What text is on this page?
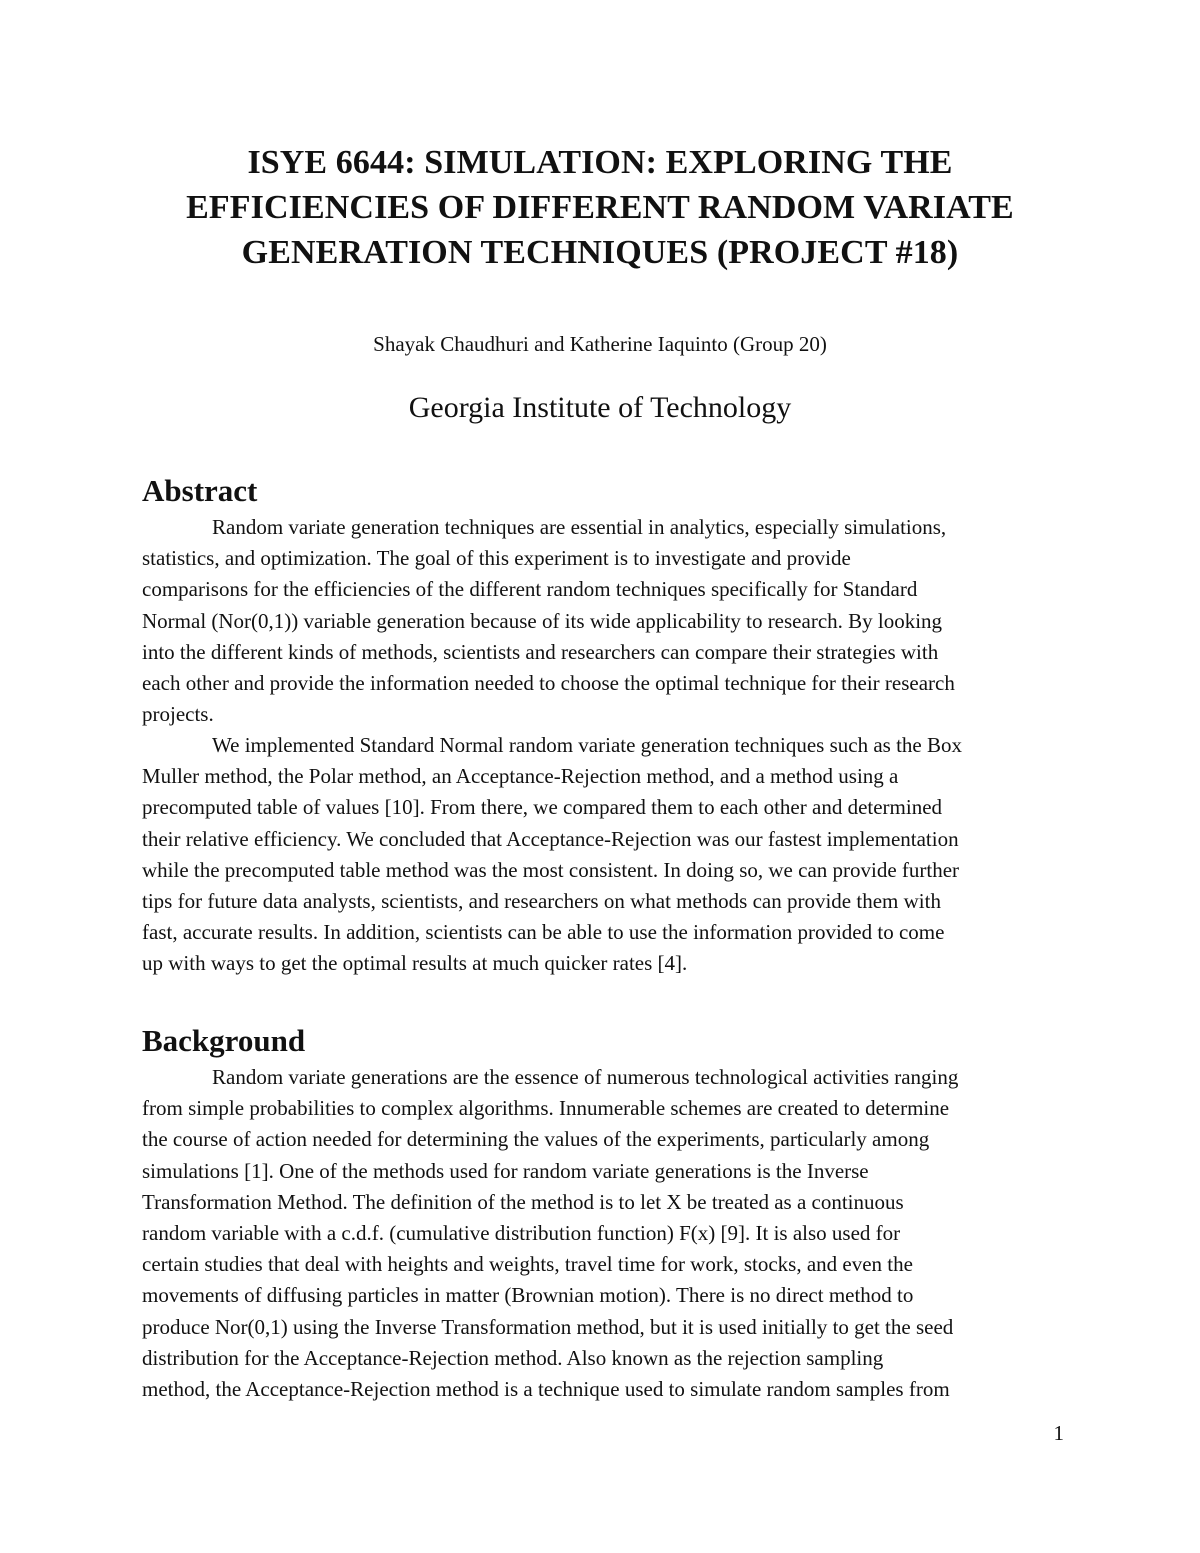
ISYE 6644: SIMULATION: EXPLORING THE
EFFICIENCIES OF DIFFERENT RANDOM VARIATE
GENERATION TECHNIQUES (PROJECT #18)
Shayak Chaudhuri and Katherine Iaquinto (Group 20)
Georgia Institute of Technology
Abstract
Random variate generation techniques are essential in analytics, especially simulations,
statistics, and optimization. The goal of this experiment is to investigate and provide
comparisons for the efficiencies of the different random techniques specifically for Standard
Normal (Nor(0,1)) variable generation because of its wide applicability to research. By looking
into the different kinds of methods, scientists and researchers can compare their strategies with
each other and provide the information needed to choose the optimal technique for their research
projects.
We implemented Standard Normal random variate generation techniques such as the Box
Muller method, the Polar method, an Acceptance-Rejection method, and a method using a
precomputed table of values [10]. From there, we compared them to each other and determined
their relative efficiency. We concluded that Acceptance-Rejection was our fastest implementation
while the precomputed table method was the most consistent. In doing so, we can provide further
tips for future data analysts, scientists, and researchers on what methods can provide them with
fast, accurate results. In addition, scientists can be able to use the information provided to come
up with ways to get the optimal results at much quicker rates [4].
Background
Random variate generations are the essence of numerous technological activities ranging
from simple probabilities to complex algorithms. Innumerable schemes are created to determine
the course of action needed for determining the values of the experiments, particularly among
simulations [1]. One of the methods used for random variate generations is the Inverse
Transformation Method. The definition of the method is to let X be treated as a continuous
random variable with a c.d.f. (cumulative distribution function) F(x) [9]. It is also used for
certain studies that deal with heights and weights, travel time for work, stocks, and even the
movements of diffusing particles in matter (Brownian motion). There is no direct method to
produce Nor(0,1) using the Inverse Transformation method, but it is used initially to get the seed
distribution for the Acceptance-Rejection method. Also known as the rejection sampling
method, the Acceptance-Rejection method is a technique used to simulate random samples from
1
